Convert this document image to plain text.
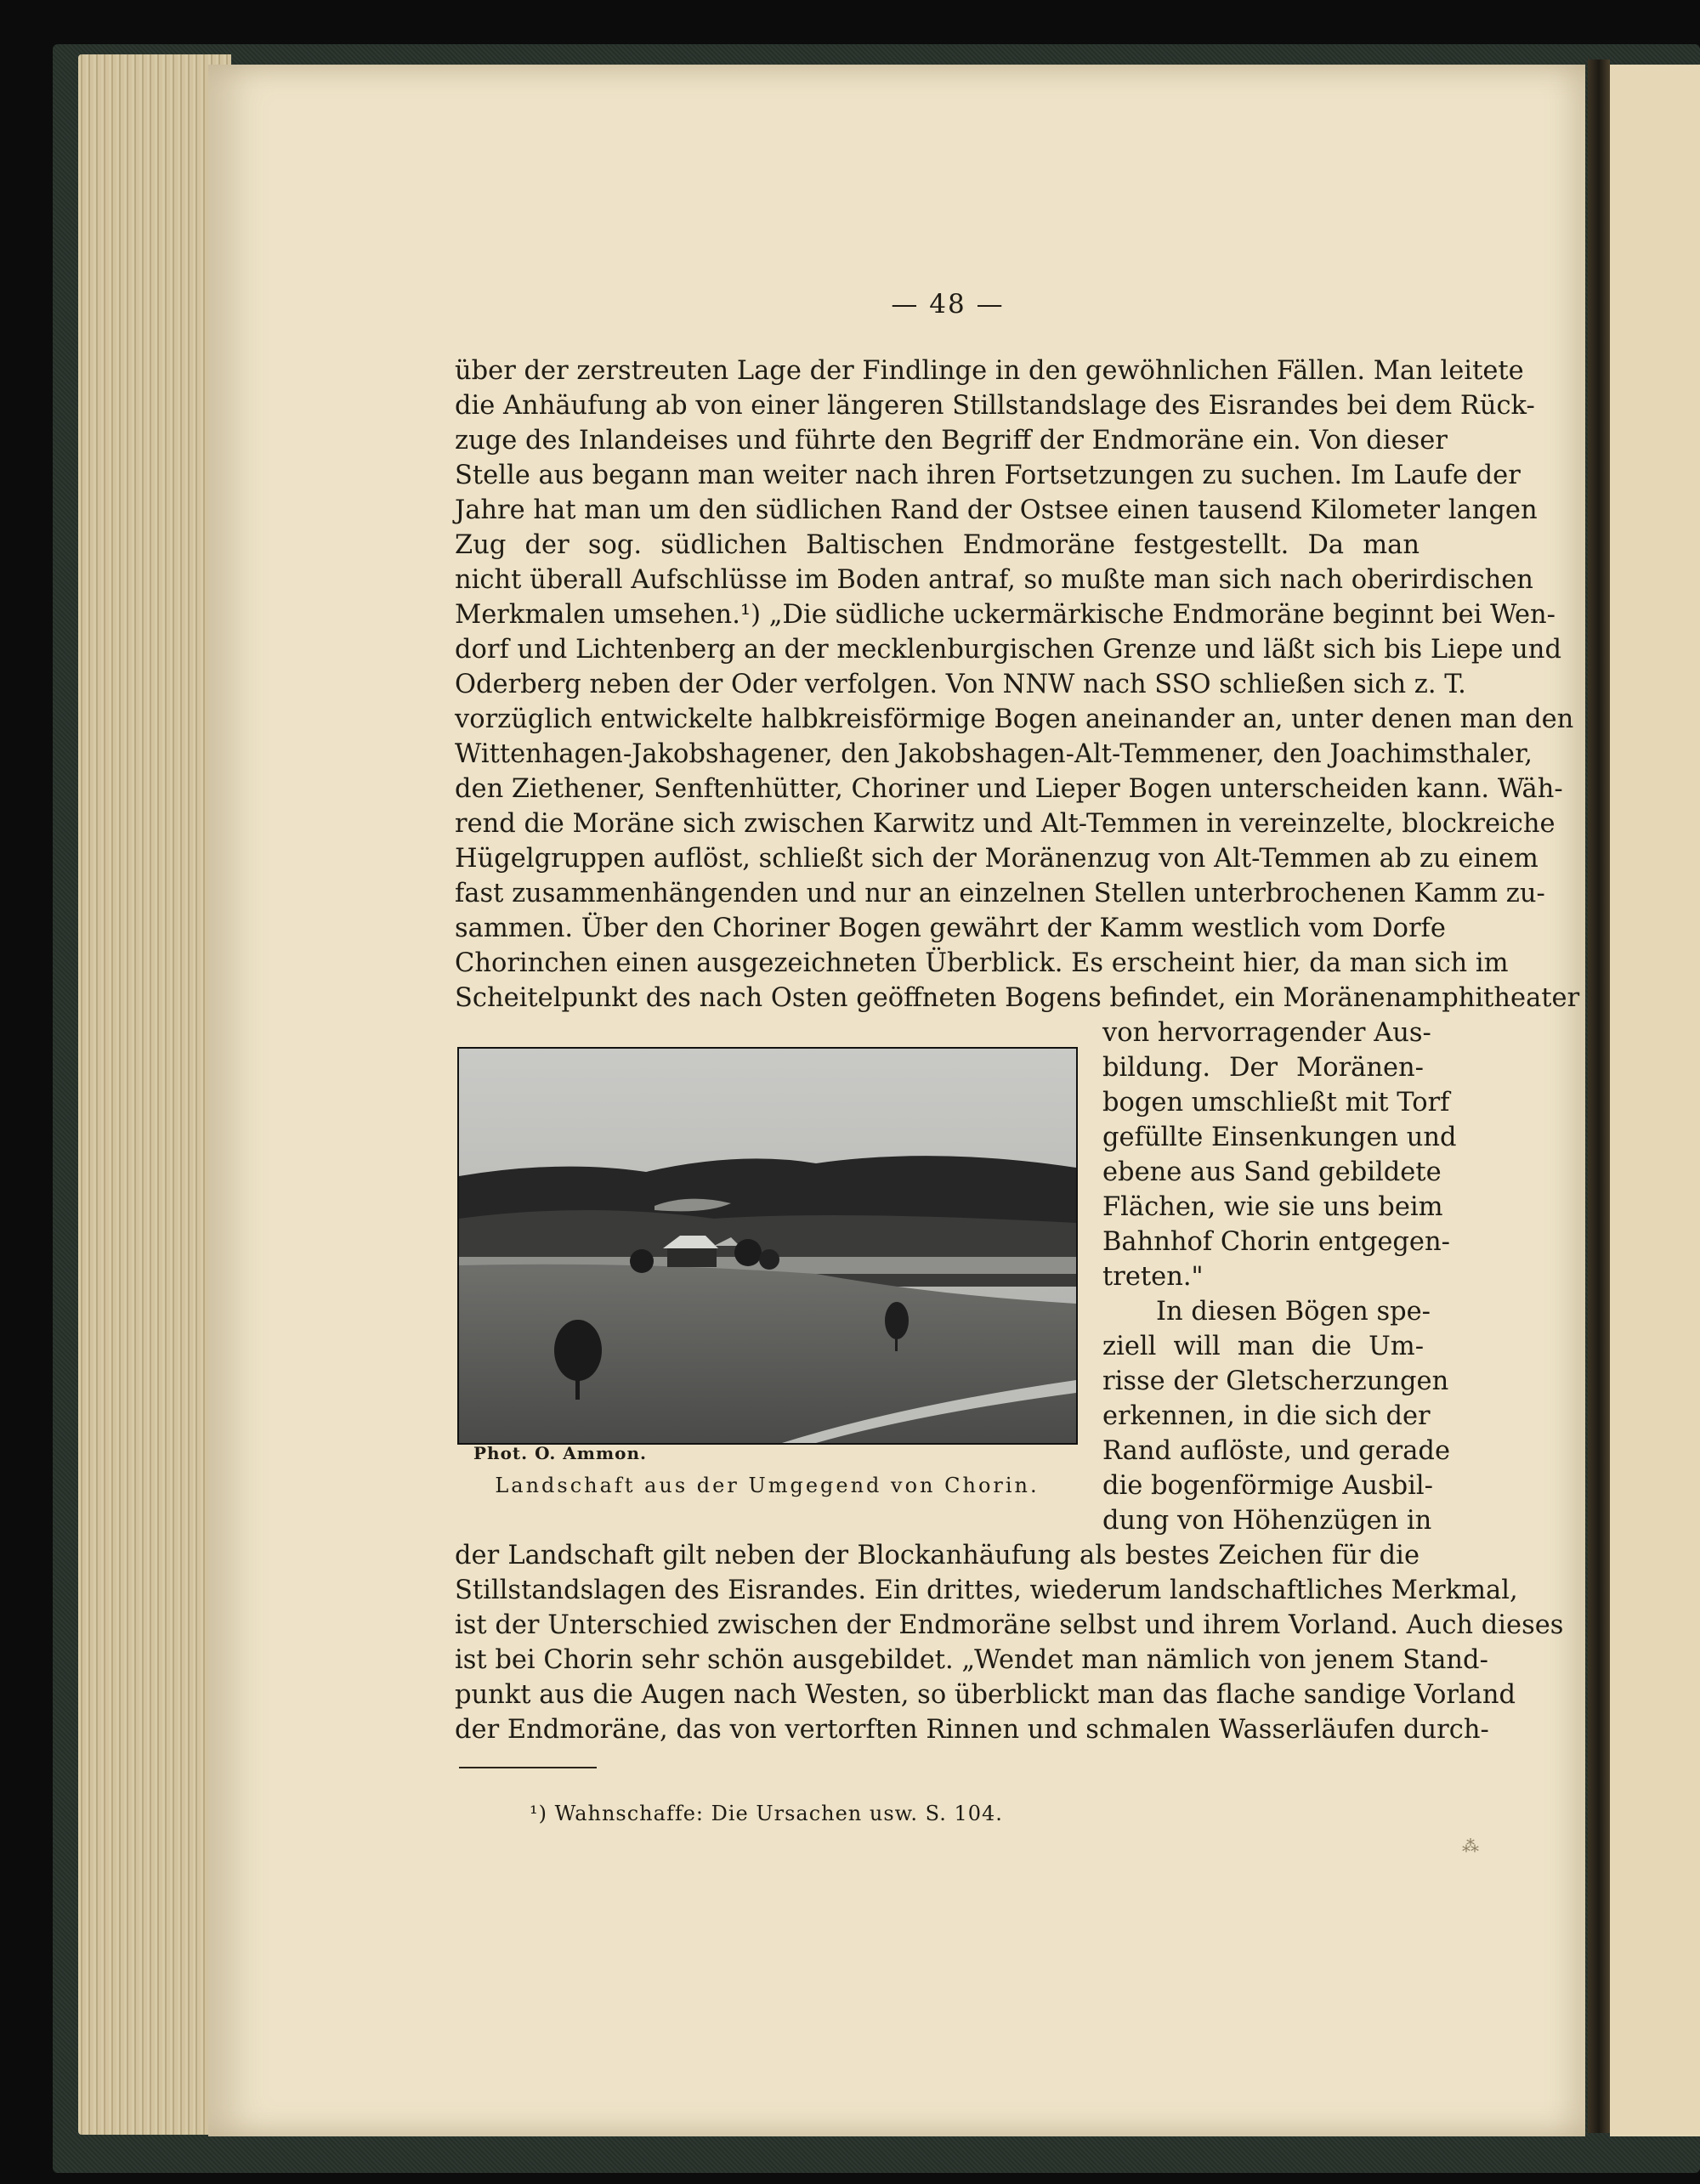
— 48 —
über der zerstreuten Lage der Findlinge in den gewöhnlichen Fällen. Man leitete
die Anhäufung ab von einer längeren Stillstandslage des Eisrandes bei dem Rück-
zuge des Inlandeises und führte den Begriff der Endmoräne ein. Von dieser
Stelle aus begann man weiter nach ihren Fortsetzungen zu suchen. Im Laufe der
Jahre hat man um den südlichen Rand der Ostsee einen tausend Kilometer langen
Zug der sog. südlichen Baltischen Endmoräne festgestellt. Da man
nicht überall Aufschlüsse im Boden antraf, so mußte man sich nach oberirdischen
Merkmalen umsehen.¹) „Die südliche uckermärkische Endmoräne beginnt bei Wen-
dorf und Lichtenberg an der mecklenburgischen Grenze und läßt sich bis Liepe und
Oderberg neben der Oder verfolgen. Von NNW nach SSO schließen sich z. T.
vorzüglich entwickelte halbkreisförmige Bogen aneinander an, unter denen man den
Wittenhagen-Jakobshagener, den Jakobshagen-Alt-Temmener, den Joachimsthaler,
den Ziethener, Senftenhütter, Choriner und Lieper Bogen unterscheiden kann. Wäh-
rend die Moräne sich zwischen Karwitz und Alt-Temmen in vereinzelte, blockreiche
Hügelgruppen auflöst, schließt sich der Moränenzug von Alt-Temmen ab zu einem
fast zusammenhängenden und nur an einzelnen Stellen unterbrochenen Kamm zu-
sammen. Über den Choriner Bogen gewährt der Kamm westlich vom Dorfe
Chorinchen einen ausgezeichneten Überblick. Es erscheint hier, da man sich im
Scheitelpunkt des nach Osten geöffneten Bogens befindet, ein Moränenamphitheater
von hervorragender Aus-
bildung. Der Moränen-
bogen umschließt mit Torf
gefüllte Einsenkungen und
ebene aus Sand gebildete
Flächen, wie sie uns beim
Bahnhof Chorin entgegen-
treten."
In diesen Bögen spe-
ziell will man die Um-
risse der Gletscherzungen
erkennen, in die sich der
Rand auflöste, und gerade
die bogenförmige Ausbil-
dung von Höhenzügen in
Phot. O. Ammon.
Landschaft aus der Umgegend von Chorin.
der Landschaft gilt neben der Blockanhäufung als bestes Zeichen für die
Stillstandslagen des Eisrandes. Ein drittes, wiederum landschaftliches Merkmal,
ist der Unterschied zwischen der Endmoräne selbst und ihrem Vorland. Auch dieses
ist bei Chorin sehr schön ausgebildet. „Wendet man nämlich von jenem Stand-
punkt aus die Augen nach Westen, so überblickt man das flache sandige Vorland
der Endmoräne, das von vertorften Rinnen und schmalen Wasserläufen durch-
¹) Wahnschaffe: Die Ursachen usw. S. 104.
⁂
